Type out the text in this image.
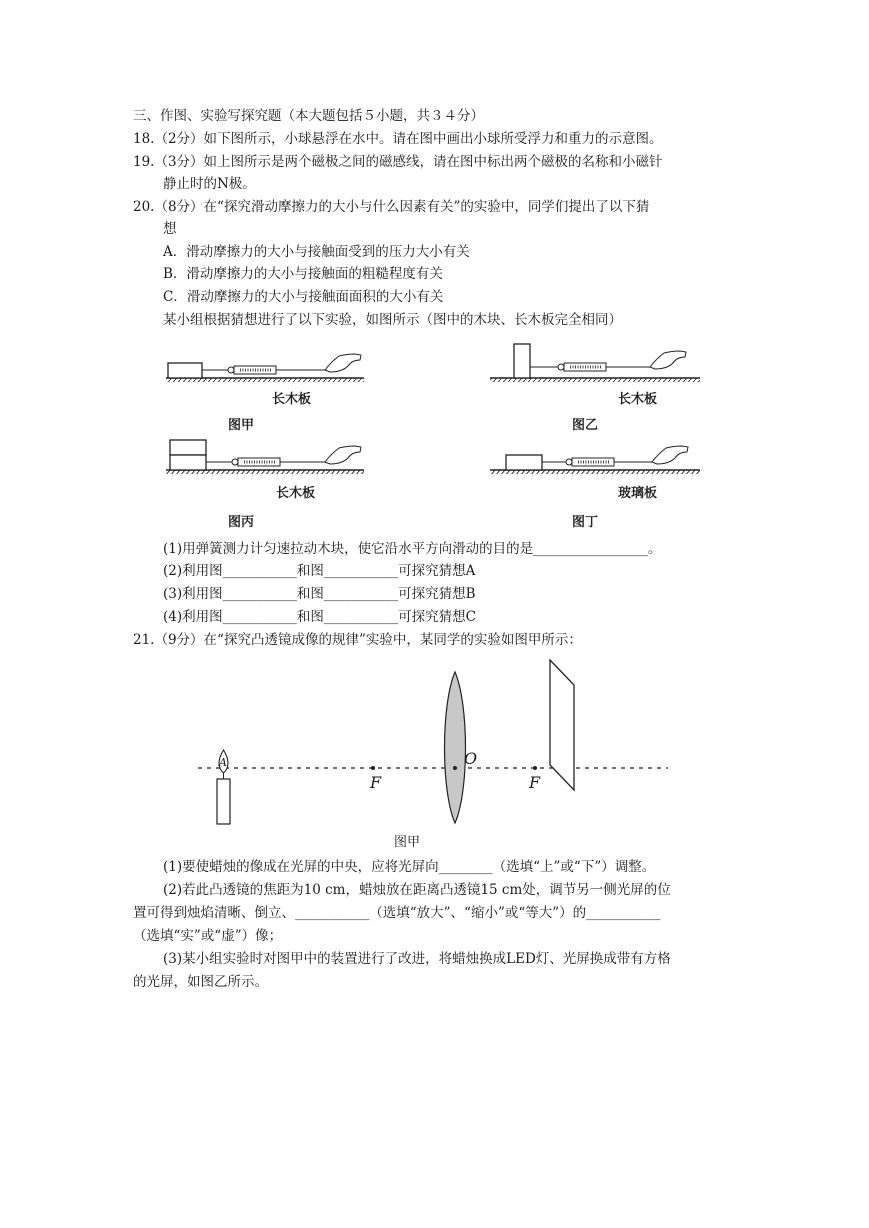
三、作图、实验写探究题（本大题包括５小题，共３４分）
18.（2分）如下图所示，小球悬浮在水中。请在图中画出小球所受浮力和重力的示意图。
19.（3分）如上图所示是两个磁极之间的磁感线，请在图中标出两个磁极的名称和小磁针
静止时的N极。
20.（8分）在“探究滑动摩擦力的大小与什么因素有关”的实验中，同学们提出了以下猜
想
A．滑动摩擦力的大小与接触面受到的压力大小有关
B．滑动摩擦力的大小与接触面的粗糙程度有关
C．滑动摩擦力的大小与接触面面积的大小有关
某小组根据猜想进行了以下实验，如图所示（图中的木块、长木板完全相同）
长木板
图甲
长木板
图乙
长木板
图丙
玻璃板
图丁
(1)用弹簧测力计匀速拉动木块，使它沿水平方向滑动的目的是_________________。
(2)利用图___________和图___________可探究猜想A
(3)利用图___________和图___________可探究猜想B
(4)利用图___________和图___________可探究猜想C
21.（9分）在“探究凸透镜成像的规律”实验中，某同学的实验如图甲所示：
A
F
O
F
图甲
(1)要使蜡烛的像成在光屏的中央，应将光屏向________（选填“上”或“下”）调整。
(2)若此凸透镜的焦距为10 cm，蜡烛放在距离凸透镜15 cm处，调节另一侧光屏的位
置可得到烛焰清晰、倒立、___________（选填“放大”、“缩小”或“等大”）的___________
（选填“实”或“虚”）像；
(3)某小组实验时对图甲中的装置进行了改进，将蜡烛换成LED灯、光屏换成带有方格
的光屏，如图乙所示。
